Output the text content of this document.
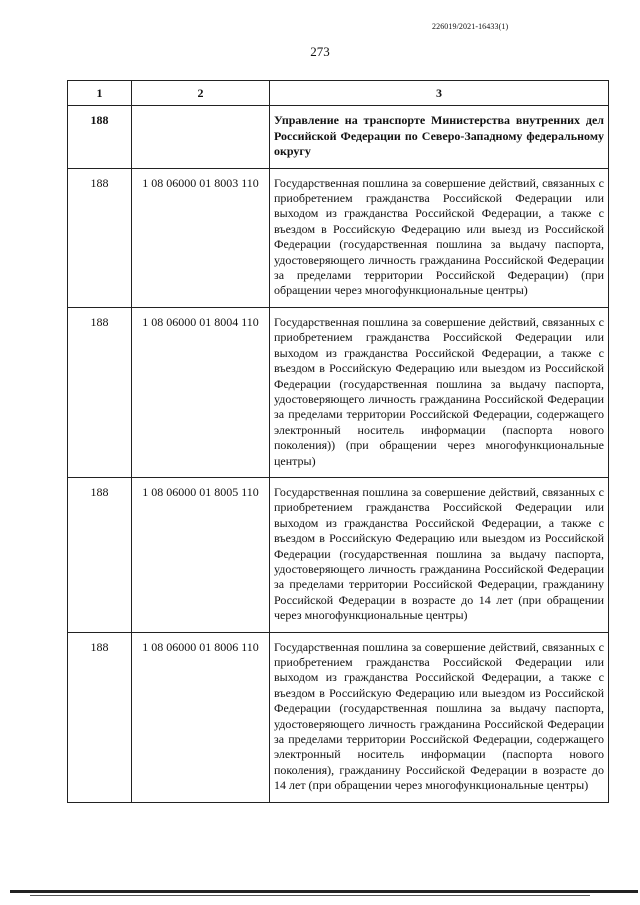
226019/2021-16433(1)
273
1	2	3
188		Управление на транспорте Министерства внутренних дел Российской Федерации по Северо-Западному федеральному округу
188	1 08 06000 01 8003 110	Государственная пошлина за совершение действий, связанных с приобретением гражданства Российской Федерации или выходом из гражданства Российской Федерации, а также с въездом в Российскую Федерацию или выезд из Российской Федерации (государственная пошлина за выдачу паспорта, удостоверяющего личность гражданина Российской Федерации за пределами территории Российской Федерации) (при обращении через многофункциональные центры)
188	1 08 06000 01 8004 110	Государственная пошлина за совершение действий, связанных с приобретением гражданства Российской Федерации или выходом из гражданства Российской Федерации, а также с въездом в Российскую Федерацию или выездом из Российской Федерации (государственная пошлина за выдачу паспорта, удостоверяющего личность гражданина Российской Федерации за пределами территории Российской Федерации, содержащего электронный носитель информации (паспорта нового поколения)) (при обращении через многофункциональные центры)
188	1 08 06000 01 8005 110	Государственная пошлина за совершение действий, связанных с приобретением гражданства Российской Федерации или выходом из гражданства Российской Федерации, а также с въездом в Российскую Федерацию или выездом из Российской Федерации (государственная пошлина за выдачу паспорта, удостоверяющего личность гражданина Российской Федерации за пределами территории Российской Федерации, гражданину Российской Федерации в возрасте до 14 лет (при обращении через многофункциональные центры)
188	1 08 06000 01 8006 110	Государственная пошлина за совершение действий, связанных с приобретением гражданства Российской Федерации или выходом из гражданства Российской Федерации, а также с въездом в Российскую Федерацию или выездом из Российской Федерации (государственная пошлина за выдачу паспорта, удостоверяющего личность гражданина Российской Федерации за пределами территории Российской Федерации, содержащего электронный носитель информации (паспорта нового поколения), гражданину Российской Федерации в возрасте до 14 лет (при обращении через многофункциональные центры)
